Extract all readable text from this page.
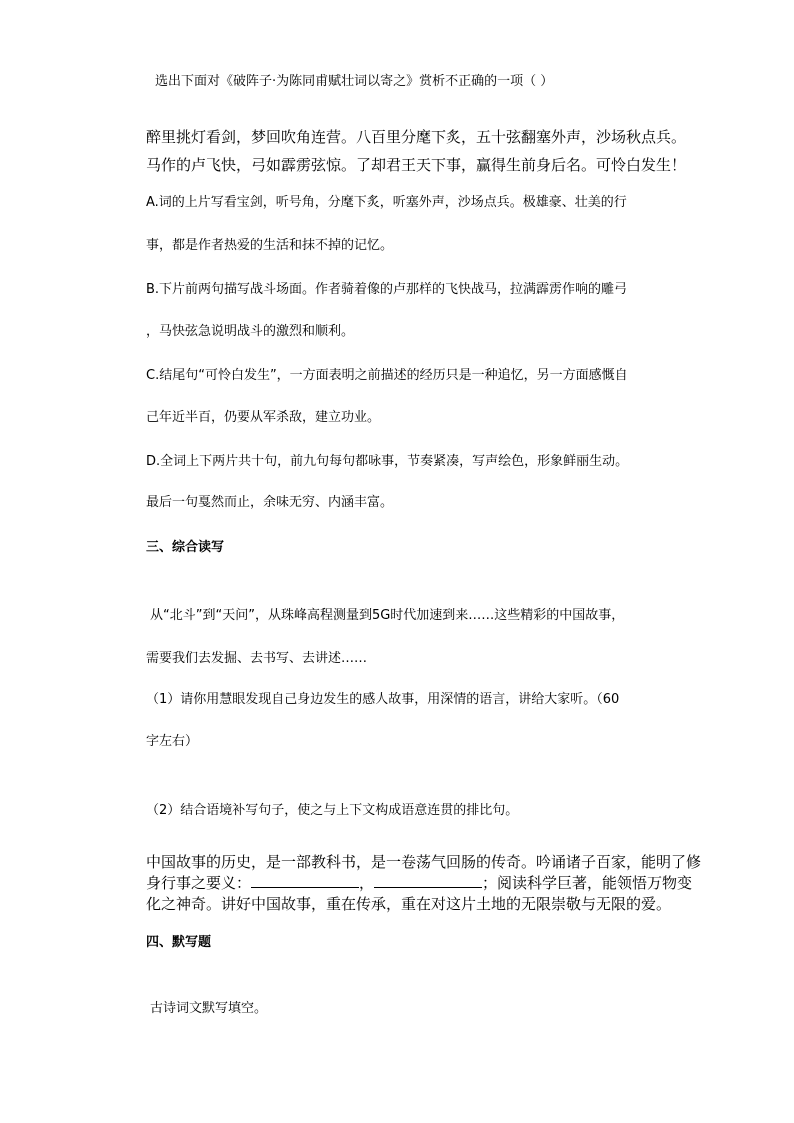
选出下面对《破阵子·为陈同甫赋壮词以寄之》赏析不正确的一项（ ）
醉里挑灯看剑，梦回吹角连营。八百里分麾下炙，五十弦翻塞外声，沙场秋点兵。
马作的卢飞快，弓如霹雳弦惊。了却君王天下事，赢得生前身后名。可怜白发生！
A.词的上片写看宝剑，听号角，分麾下炙，听塞外声，沙场点兵。极雄豪、壮美的行
事，都是作者热爱的生活和抹不掉的记忆。
B.下片前两句描写战斗场面。作者骑着像的卢那样的飞快战马，拉满霹雳作响的雕弓
，马快弦急说明战斗的激烈和顺利。
C.结尾句“可怜白发生”，一方面表明之前描述的经历只是一种追忆，另一方面感慨自
己年近半百，仍要从军杀敌，建立功业。
D.全词上下两片共十句，前九句每句都咏事，节奏紧凑，写声绘色，形象鲜丽生动。
最后一句戛然而止，余味无穷、内涵丰富。
三、综合读写
从“北斗”到“天问”，从珠峰高程测量到5G时代加速到来……这些精彩的中国故事，
需要我们去发掘、去书写、去讲述……
（1）请你用慧眼发现自己身边发生的感人故事，用深情的语言，讲给大家听。（60
字左右）
（2）结合语境补写句子，使之与上下文构成语意连贯的排比句。
中国故事的历史，是一部教科书，是一卷荡气回肠的传奇。吟诵诸子百家，能明了修
身行事之要义：	，	；阅读科学巨著，能领悟万物变
化之神奇。讲好中国故事，重在传承，重在对这片土地的无限崇敬与无限的爱。
四、默写题
古诗词文默写填空。
